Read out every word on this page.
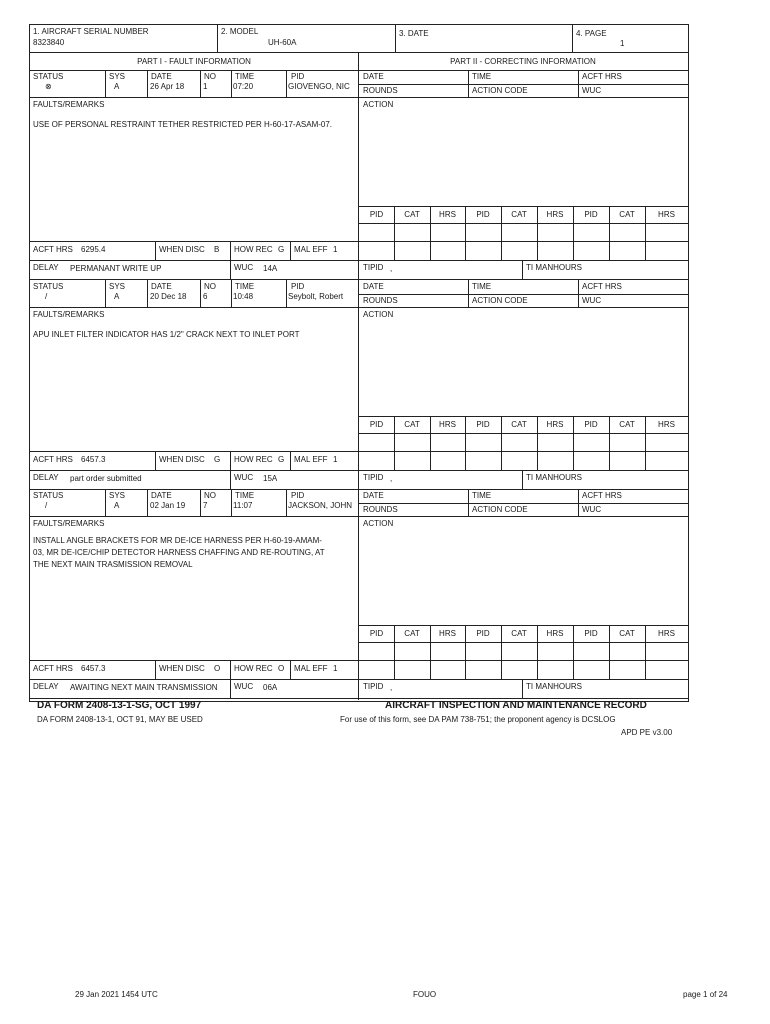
1. AIRCRAFT SERIAL NUMBER
8323840
2. MODEL
UH-60A
3. DATE	4. PAGE
1
PART I - FAULT INFORMATION	PART II - CORRECTING INFORMATION
STATUS
⊗
SYS
A
DATE
26 Apr 18
NO
1
TIME
07:20
PID
GIOVENGO, NIC
FAULTS/REMARKS
USE OF PERSONAL RESTRAINT TETHER RESTRICTED PER H-60-17-ASAM-07.
ACFT HRS 6295.4	WHEN DISC B HOW REC G MAL EFF 1
DELAY PERMANANT WRITE UP	WUC 14A
DATE	TIME	ACFT HRS
ROUNDS	ACTION CODE	WUC
ACTION
PID	CAT	HRS	PID	CAT	HRS	PID	CAT	HRS
TIPID ,	TI MANHOURS
STATUS
/
SYS
A
DATE
20 Dec 18
NO
6
TIME
10:48
PID
Seybolt, Robert
FAULTS/REMARKS
APU INLET FILTER INDICATOR HAS 1/2" CRACK NEXT TO INLET PORT
ACFT HRS 6457.3	WHEN DISC G HOW REC G MAL EFF 1
DELAY part order submitted	WUC 15A
DATE	TIME	ACFT HRS
ROUNDS	ACTION CODE	WUC
ACTION
PID	CAT	HRS	PID	CAT	HRS	PID	CAT	HRS
TIPID ,	TI MANHOURS
STATUS
/
SYS
A
DATE
02 Jan 19
NO
7
TIME
11:07
PID
JACKSON, JOHN
FAULTS/REMARKS
INSTALL ANGLE BRACKETS FOR MR DE-ICE HARNESS PER H-60-19-AMAM-03, MR DE-ICE/CHIP DETECTOR HARNESS CHAFFING AND RE-ROUTING, AT THE NEXT MAIN TRASMISSION REMOVAL
ACFT HRS 6457.3	WHEN DISC O HOW REC O MAL EFF 1
DELAY AWAITING NEXT MAIN TRANSMISSION WUC 06A
DATE	TIME	ACFT HRS
ROUNDS	ACTION CODE	WUC
ACTION
PID	CAT	HRS	PID	CAT	HRS	PID	CAT	HRS
TIPID ,	TI MANHOURS
DA FORM 2408-13-1-SG, OCT 1997
DA FORM 2408-13-1, OCT 91, MAY BE USED
AIRCRAFT INSPECTION AND MAINTENANCE RECORD
For use of this form, see DA PAM 738-751; the proponent agency is DCSLOG
APD PE v3.00
29 Jan 2021 1454 UTC	FOUO	page 1 of 24
